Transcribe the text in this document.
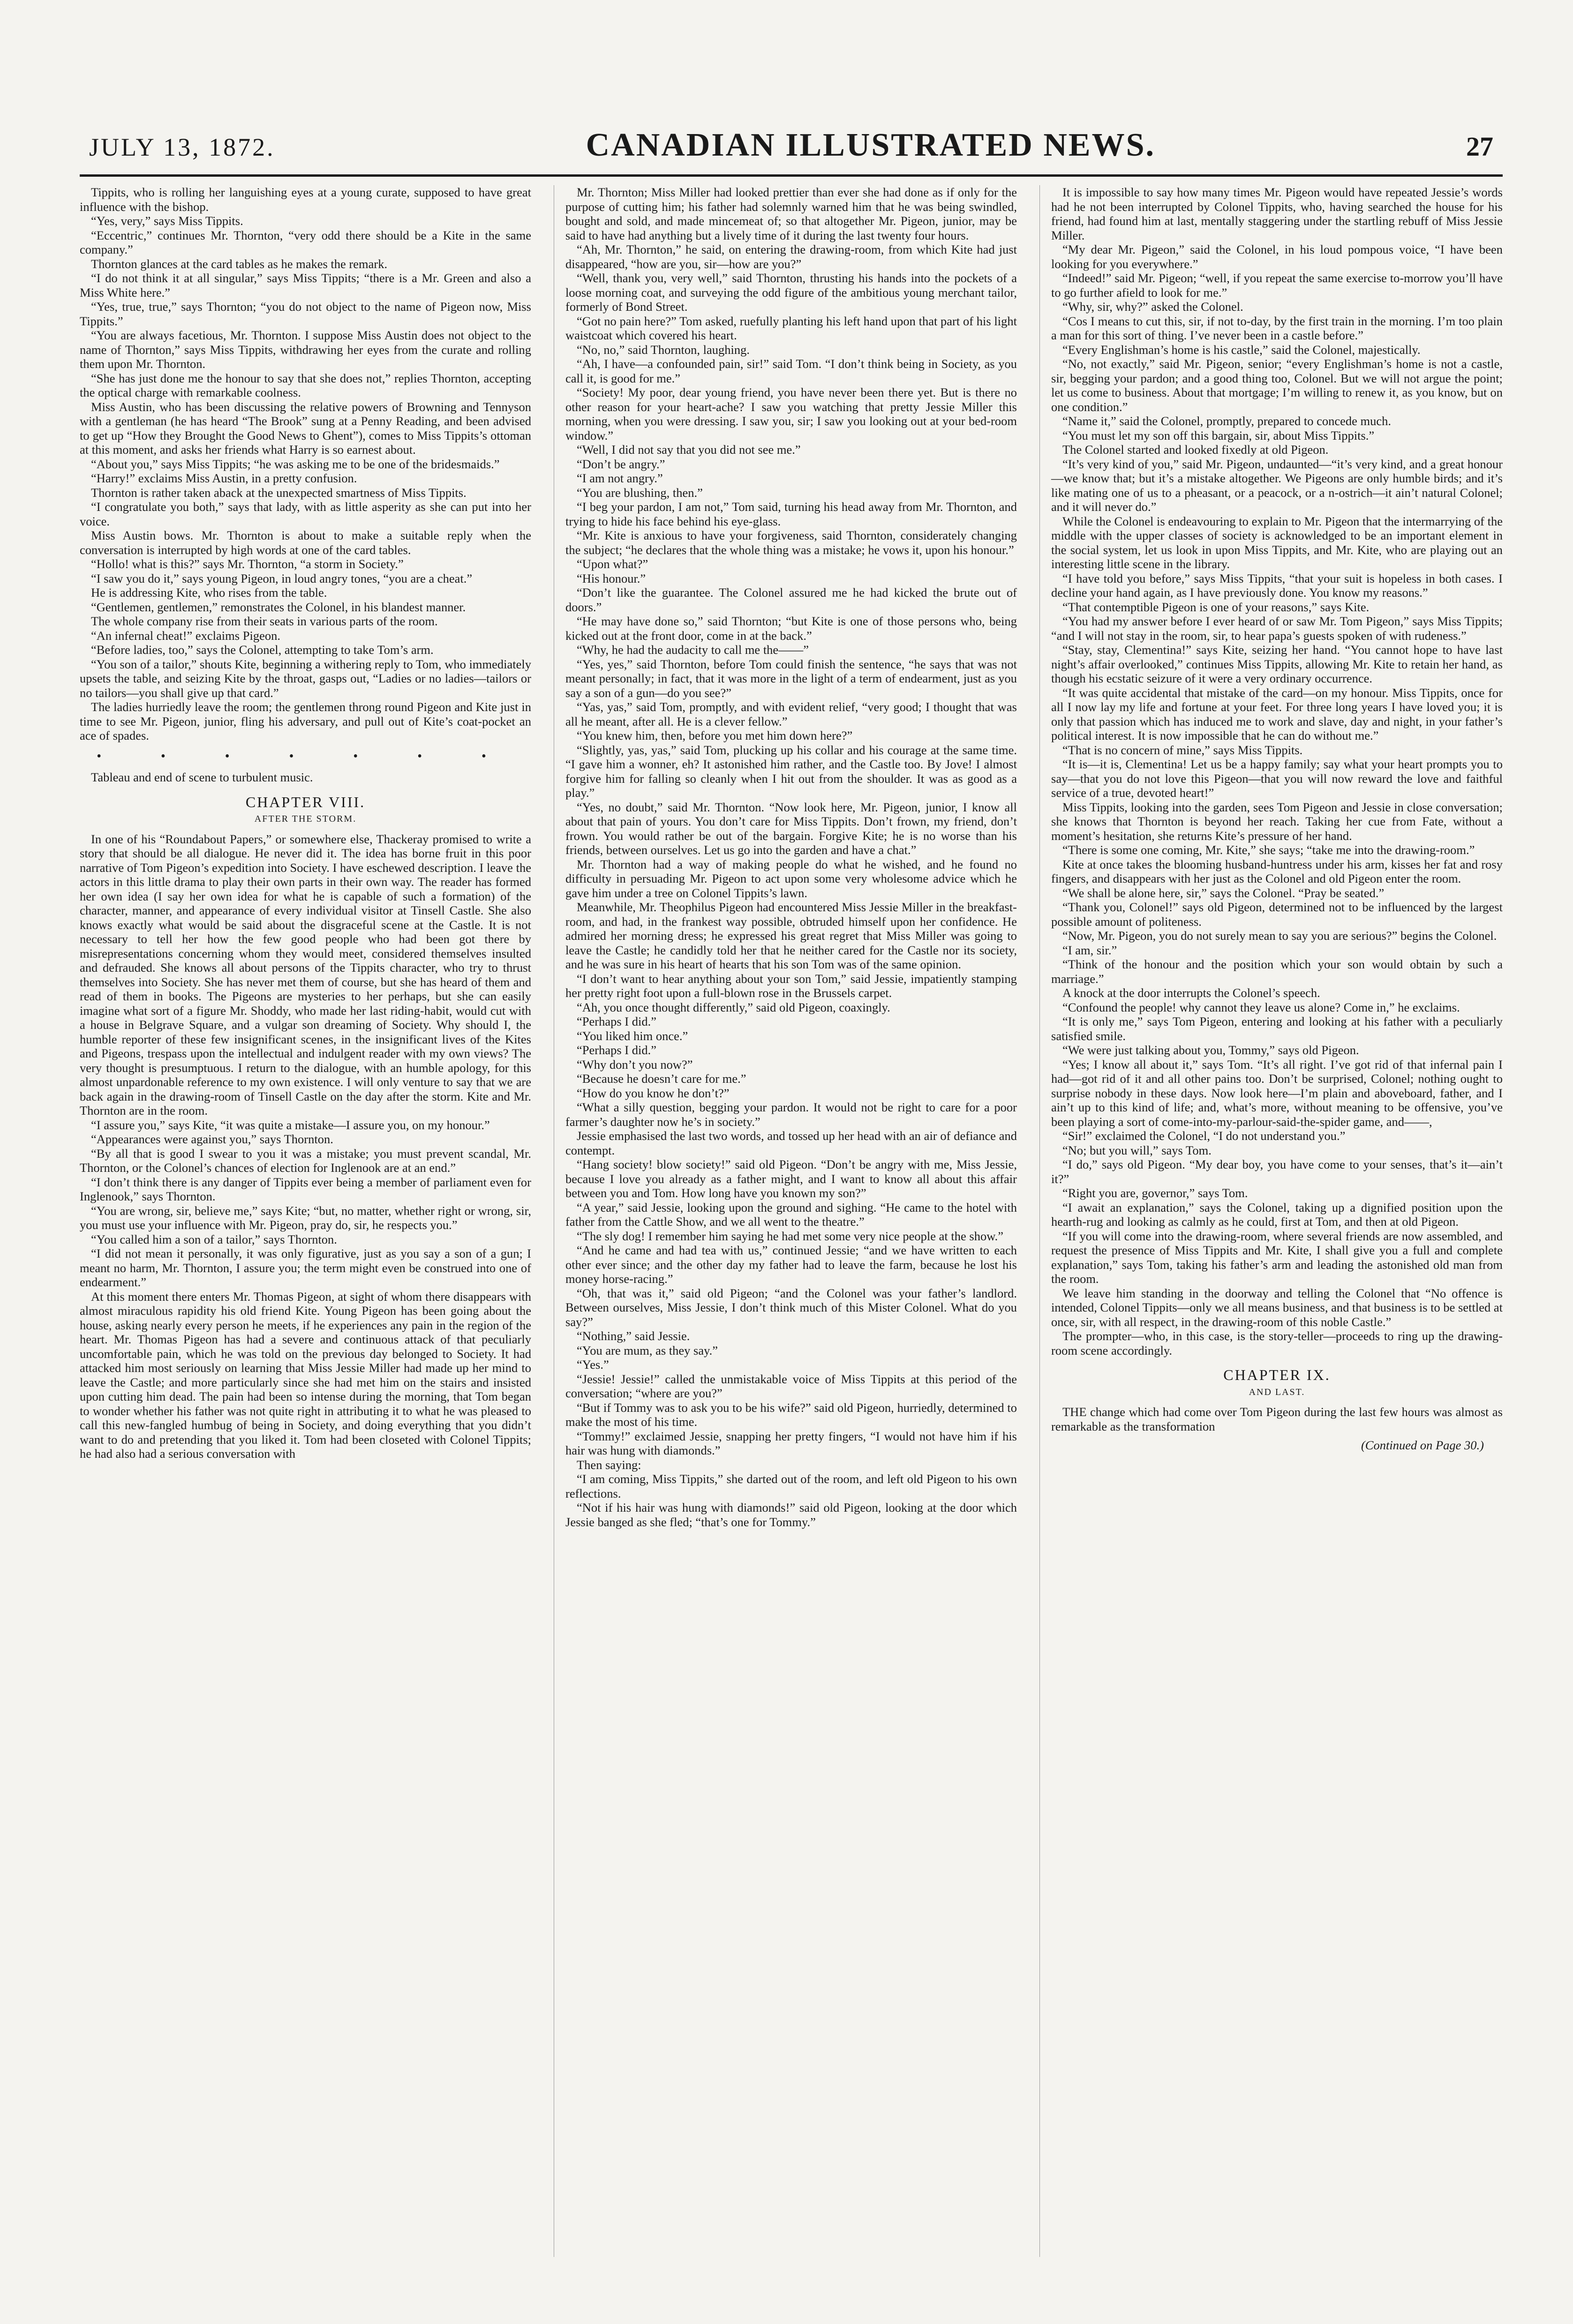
JULY 13, 1872.	CANADIAN ILLUSTRATED NEWS.	27

Tippits, who is rolling her languishing eyes at a young curate, supposed to have great influence with the bishop.

“Yes, very,” says Miss Tippits.

“Eccentric,” continues Mr. Thornton, “very odd there should be a Kite in the same company.”

Thornton glances at the card tables as he makes the remark.

“I do not think it at all singular,” says Miss Tippits; “there is a Mr. Green and also a Miss White here.”

“Yes, true, true,” says Thornton; “you do not object to the name of Pigeon now, Miss Tippits.”

“You are always facetious, Mr. Thornton. I suppose Miss Austin does not object to the name of Thornton,” says Miss Tippits, withdrawing her eyes from the curate and rolling them upon Mr. Thornton.

“She has just done me the honour to say that she does not,” replies Thornton, accepting the optical charge with remarkable coolness.

Miss Austin, who has been discussing the relative powers of Browning and Tennyson with a gentleman (he has heard “The Brook” sung at a Penny Reading, and been advised to get up “How they Brought the Good News to Ghent”), comes to Miss Tippits’s ottoman at this moment, and asks her friends what Harry is so earnest about.

“About you,” says Miss Tippits; “he was asking me to be one of the bridesmaids.”

“Harry!” exclaims Miss Austin, in a pretty confusion.

Thornton is rather taken aback at the unexpected smartness of Miss Tippits.

“I congratulate you both,” says that lady, with as little asperity as she can put into her voice.

Miss Austin bows. Mr. Thornton is about to make a suitable reply when the conversation is interrupted by high words at one of the card tables.

“Hollo! what is this?” says Mr. Thornton, “a storm in Society.”

“I saw you do it,” says young Pigeon, in loud angry tones, “you are a cheat.”

He is addressing Kite, who rises from the table.

“Gentlemen, gentlemen,” remonstrates the Colonel, in his blandest manner.

The whole company rise from their seats in various parts of the room.

“An infernal cheat!” exclaims Pigeon.

“Before ladies, too,” says the Colonel, attempting to take Tom’s arm.

“You son of a tailor,” shouts Kite, beginning a withering reply to Tom, who immediately upsets the table, and seizing Kite by the throat, gasps out, “Ladies or no ladies—tailors or no tailors—you shall give up that card.”

The ladies hurriedly leave the room; the gentlemen throng round Pigeon and Kite just in time to see Mr. Pigeon, junior, fling his adversary, and pull out of Kite’s coat-pocket an ace of spades.

• • • • • • •

Tableau and end of scene to turbulent music.

CHAPTER VIII.
AFTER THE STORM.

In one of his “Roundabout Papers,” or somewhere else, Thackeray promised to write a story that should be all dialogue. He never did it. The idea has borne fruit in this poor narrative of Tom Pigeon’s expedition into Society. I have eschewed description. I leave the actors in this little drama to play their own parts in their own way. The reader has formed her own idea (I say her own idea for what he is capable of such a formation) of the character, manner, and appearance of every individual visitor at Tinsell Castle. She also knows exactly what would be said about the disgraceful scene at the Castle. It is not necessary to tell her how the few good people who had been got there by misrepresentations concerning whom they would meet, considered themselves insulted and defrauded. She knows all about persons of the Tippits character, who try to thrust themselves into Society. She has never met them of course, but she has heard of them and read of them in books. The Pigeons are mysteries to her perhaps, but she can easily imagine what sort of a figure Mr. Shoddy, who made her last riding-habit, would cut with a house in Belgrave Square, and a vulgar son dreaming of Society. Why should I, the humble reporter of these few insignificant scenes, in the insignificant lives of the Kites and Pigeons, trespass upon the intellectual and indulgent reader with my own views? The very thought is presumptuous. I return to the dialogue, with an humble apology, for this almost unpardonable reference to my own existence. I will only venture to say that we are back again in the drawing-room of Tinsell Castle on the day after the storm. Kite and Mr. Thornton are in the room.

“I assure you,” says Kite, “it was quite a mistake—I assure you, on my honour.”

“Appearances were against you,” says Thornton.

“By all that is good I swear to you it was a mistake; you must prevent scandal, Mr. Thornton, or the Colonel’s chances of election for Inglenook are at an end.”

“I don’t think there is any danger of Tippits ever being a member of parliament even for Inglenook,” says Thornton.

“You are wrong, sir, believe me,” says Kite; “but, no matter, whether right or wrong, sir, you must use your influence with Mr. Pigeon, pray do, sir, he respects you.”

“You called him a son of a tailor,” says Thornton.

“I did not mean it personally, it was only figurative, just as you say a son of a gun; I meant no harm, Mr. Thornton, I assure you; the term might even be construed into one of endearment.”

At this moment there enters Mr. Thomas Pigeon, at sight of whom there disappears with almost miraculous rapidity his old friend Kite. Young Pigeon has been going about the house, asking nearly every person he meets, if he experiences any pain in the region of the heart. Mr. Thomas Pigeon has had a severe and continuous attack of that peculiarly uncomfortable pain, which he was told on the previous day belonged to Society. It had attacked him most seriously on learning that Miss Jessie Miller had made up her mind to leave the Castle; and more particularly since she had met him on the stairs and insisted upon cutting him dead. The pain had been so intense during the morning, that Tom began to wonder whether his father was not quite right in attributing it to what he was pleased to call this new-fangled humbug of being in Society, and doing everything that you didn’t want to do and pretending that you liked it. Tom had been closeted with Colonel Tippits; he had also had a serious conversation with

Mr. Thornton; Miss Miller had looked prettier than ever she had done as if only for the purpose of cutting him; his father had solemnly warned him that he was being swindled, bought and sold, and made mincemeat of; so that altogether Mr. Pigeon, junior, may be said to have had anything but a lively time of it during the last twenty four hours.

“Ah, Mr. Thornton,” he said, on entering the drawing-room, from which Kite had just disappeared, “how are you, sir—how are you?”

“Well, thank you, very well,” said Thornton, thrusting his hands into the pockets of a loose morning coat, and surveying the odd figure of the ambitious young merchant tailor, formerly of Bond Street.

“Got no pain here?” Tom asked, ruefully planting his left hand upon that part of his light waistcoat which covered his heart.

“No, no,” said Thornton, laughing.

“Ah, I have—a confounded pain, sir!” said Tom. “I don’t think being in Society, as you call it, is good for me.”

“Society! My poor, dear young friend, you have never been there yet. But is there no other reason for your heart-ache? I saw you watching that pretty Jessie Miller this morning, when you were dressing. I saw you, sir; I saw you looking out at your bed-room window.”

“Well, I did not say that you did not see me.”

“Don’t be angry.”

“I am not angry.”

“You are blushing, then.”

“I beg your pardon, I am not,” Tom said, turning his head away from Mr. Thornton, and trying to hide his face behind his eye-glass.

“Mr. Kite is anxious to have your forgiveness, said Thornton, considerately changing the subject; “he declares that the whole thing was a mistake; he vows it, upon his honour.”

“Upon what?”

“His honour.”

“Don’t like the guarantee. The Colonel assured me he had kicked the brute out of doors.”

“He may have done so,” said Thornton; “but Kite is one of those persons who, being kicked out at the front door, come in at the back.”

“Why, he had the audacity to call me the——”

“Yes, yes,” said Thornton, before Tom could finish the sentence, “he says that was not meant personally; in fact, that it was more in the light of a term of endearment, just as you say a son of a gun—do you see?”

“Yas, yas,” said Tom, promptly, and with evident relief, “very good; I thought that was all he meant, after all. He is a clever fellow.”

“You knew him, then, before you met him down here?”

“Slightly, yas, yas,” said Tom, plucking up his collar and his courage at the same time. “I gave him a wonner, eh? It astonished him rather, and the Castle too. By Jove! I almost forgive him for falling so cleanly when I hit out from the shoulder. It was as good as a play.”

“Yes, no doubt,” said Mr. Thornton. “Now look here, Mr. Pigeon, junior, I know all about that pain of yours. You don’t care for Miss Tippits. Don’t frown, my friend, don’t frown. You would rather be out of the bargain. Forgive Kite; he is no worse than his friends, between ourselves. Let us go into the garden and have a chat.”

Mr. Thornton had a way of making people do what he wished, and he found no difficulty in persuading Mr. Pigeon to act upon some very wholesome advice which he gave him under a tree on Colonel Tippits’s lawn.

Meanwhile, Mr. Theophilus Pigeon had encountered Miss Jessie Miller in the breakfast-room, and had, in the frankest way possible, obtruded himself upon her confidence. He admired her morning dress; he expressed his great regret that Miss Miller was going to leave the Castle; he candidly told her that he neither cared for the Castle nor its society, and he was sure in his heart of hearts that his son Tom was of the same opinion.

“I don’t want to hear anything about your son Tom,” said Jessie, impatiently stamping her pretty right foot upon a full-blown rose in the Brussels carpet.

“Ah, you once thought differently,” said old Pigeon, coaxingly.

“Perhaps I did.”

“You liked him once.”

“Perhaps I did.”

“Why don’t you now?”

“Because he doesn’t care for me.”

“How do you know he don’t?”

“What a silly question, begging your pardon. It would not be right to care for a poor farmer’s daughter now he’s in society.”

Jessie emphasised the last two words, and tossed up her head with an air of defiance and contempt.

“Hang society! blow society!” said old Pigeon. “Don’t be angry with me, Miss Jessie, because I love you already as a father might, and I want to know all about this affair between you and Tom. How long have you known my son?”

“A year,” said Jessie, looking upon the ground and sighing. “He came to the hotel with father from the Cattle Show, and we all went to the theatre.”

“The sly dog! I remember him saying he had met some very nice people at the show.”

“And he came and had tea with us,” continued Jessie; “and we have written to each other ever since; and the other day my father had to leave the farm, because he lost his money horse-racing.”

“Oh, that was it,” said old Pigeon; “and the Colonel was your father’s landlord. Between ourselves, Miss Jessie, I don’t think much of this Mister Colonel. What do you say?”

“Nothing,” said Jessie.

“You are mum, as they say.”

“Yes.”

“Jessie! Jessie!” called the unmistakable voice of Miss Tippits at this period of the conversation; “where are you?”

“But if Tommy was to ask you to be his wife?” said old Pigeon, hurriedly, determined to make the most of his time.

“Tommy!” exclaimed Jessie, snapping her pretty fingers, “I would not have him if his hair was hung with diamonds.”

Then saying:

“I am coming, Miss Tippits,” she darted out of the room, and left old Pigeon to his own reflections.

“Not if his hair was hung with diamonds!” said old Pigeon, looking at the door which Jessie banged as she fled; “that’s one for Tommy.”

It is impossible to say how many times Mr. Pigeon would have repeated Jessie’s words had he not been interrupted by Colonel Tippits, who, having searched the house for his friend, had found him at last, mentally staggering under the startling rebuff of Miss Jessie Miller.

“My dear Mr. Pigeon,” said the Colonel, in his loud pompous voice, “I have been looking for you everywhere.”

“Indeed!” said Mr. Pigeon; “well, if you repeat the same exercise to-morrow you’ll have to go further afield to look for me.”

“Why, sir, why?” asked the Colonel.

“Cos I means to cut this, sir, if not to-day, by the first train in the morning. I’m too plain a man for this sort of thing. I’ve never been in a castle before.”

“Every Englishman’s home is his castle,” said the Colonel, majestically.

“No, not exactly,” said Mr. Pigeon, senior; “every Englishman’s home is not a castle, sir, begging your pardon; and a good thing too, Colonel. But we will not argue the point; let us come to business. About that mortgage; I’m willing to renew it, as you know, but on one condition.”

“Name it,” said the Colonel, promptly, prepared to concede much.

“You must let my son off this bargain, sir, about Miss Tippits.”

The Colonel started and looked fixedly at old Pigeon.

“It’s very kind of you,” said Mr. Pigeon, undaunted—“it’s very kind, and a great honour—we know that; but it’s a mistake altogether. We Pigeons are only humble birds; and it’s like mating one of us to a pheasant, or a peacock, or a n-ostrich—it ain’t natural Colonel; and it will never do.”

While the Colonel is endeavouring to explain to Mr. Pigeon that the intermarrying of the middle with the upper classes of society is acknowledged to be an important element in the social system, let us look in upon Miss Tippits, and Mr. Kite, who are playing out an interesting little scene in the library.

“I have told you before,” says Miss Tippits, “that your suit is hopeless in both cases. I decline your hand again, as I have previously done. You know my reasons.”

“That contemptible Pigeon is one of your reasons,” says Kite.

“You had my answer before I ever heard of or saw Mr. Tom Pigeon,” says Miss Tippits; “and I will not stay in the room, sir, to hear papa’s guests spoken of with rudeness.”

“Stay, stay, Clementina!” says Kite, seizing her hand. “You cannot hope to have last night’s affair overlooked,” continues Miss Tippits, allowing Mr. Kite to retain her hand, as though his ecstatic seizure of it were a very ordinary occurrence.

“It was quite accidental that mistake of the card—on my honour. Miss Tippits, once for all I now lay my life and fortune at your feet. For three long years I have loved you; it is only that passion which has induced me to work and slave, day and night, in your father’s political interest. It is now impossible that he can do without me.”

“That is no concern of mine,” says Miss Tippits.

“It is—it is, Clementina! Let us be a happy family; say what your heart prompts you to say—that you do not love this Pigeon—that you will now reward the love and faithful service of a true, devoted heart!”

Miss Tippits, looking into the garden, sees Tom Pigeon and Jessie in close conversation; she knows that Thornton is beyond her reach. Taking her cue from Fate, without a moment’s hesitation, she returns Kite’s pressure of her hand.

“There is some one coming, Mr. Kite,” she says; “take me into the drawing-room.”

Kite at once takes the blooming husband-huntress under his arm, kisses her fat and rosy fingers, and disappears with her just as the Colonel and old Pigeon enter the room.

“We shall be alone here, sir,” says the Colonel. “Pray be seated.”

“Thank you, Colonel!” says old Pigeon, determined not to be influenced by the largest possible amount of politeness.

“Now, Mr. Pigeon, you do not surely mean to say you are serious?” begins the Colonel.

“I am, sir.”

“Think of the honour and the position which your son would obtain by such a marriage.”

A knock at the door interrupts the Colonel’s speech.

“Confound the people! why cannot they leave us alone? Come in,” he exclaims.

“It is only me,” says Tom Pigeon, entering and looking at his father with a peculiarly satisfied smile.

“We were just talking about you, Tommy,” says old Pigeon.

“Yes; I know all about it,” says Tom. “It’s all right. I’ve got rid of that infernal pain I had—got rid of it and all other pains too. Don’t be surprised, Colonel; nothing ought to surprise nobody in these days. Now look here—I’m plain and aboveboard, father, and I ain’t up to this kind of life; and, what’s more, without meaning to be offensive, you’ve been playing a sort of come-into-my-parlour-said-the-spider game, and——,

“Sir!” exclaimed the Colonel, “I do not understand you.”

“No; but you will,” says Tom.

“I do,” says old Pigeon. “My dear boy, you have come to your senses, that’s it—ain’t it?”

“Right you are, governor,” says Tom.

“I await an explanation,” says the Colonel, taking up a dignified position upon the hearth-rug and looking as calmly as he could, first at Tom, and then at old Pigeon.

“If you will come into the drawing-room, where several friends are now assembled, and request the presence of Miss Tippits and Mr. Kite, I shall give you a full and complete explanation,” says Tom, taking his father’s arm and leading the astonished old man from the room.

We leave him standing in the doorway and telling the Colonel that “No offence is intended, Colonel Tippits—only we all means business, and that business is to be settled at once, sir, with all respect, in the drawing-room of this noble Castle.”

The prompter—who, in this case, is the story-teller—proceeds to ring up the drawing-room scene accordingly.

CHAPTER IX.
AND LAST.

THE change which had come over Tom Pigeon during the last few hours was almost as remarkable as the transformation

(Continued on Page 30.)
